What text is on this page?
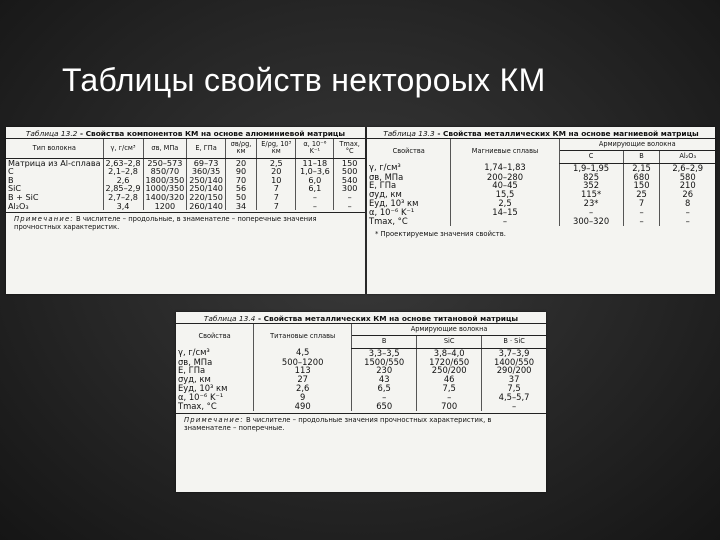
Таблицы свойств нектороых КМ
Таблица 13.2 - Свойства компонентов КМ на основе алюминиевой матрицы
Тип волокна	γ, г/см³	σв, МПа	E, ГПа	σв/ρg, км	E/ρg, 10³ км	α, 10⁻⁶ K⁻¹	Tmax, °C
Матрица из Al-сплава	2,63–2,8	250–573	69–73	20	2,5	11–18	150
C	2,1–2,8	850/70	360/35	90	20	1,0–3,6	500
B	2,6	1800/350	250/140	70	10	6,0	540
SiC	2,85–2,9	1000/350	250/140	56	7	6,1	300
B + SiC	2,7–2,8	1400/320	220/150	50	7	–	–
Al₂O₃	3,4	1200	260/140	34	7	–	–
Примечание: В числителе – продольные, в знаменателе – поперечные значения прочностных характеристик.
Таблица 13.3 - Свойства металлических КМ на основе магниевой матрицы
Свойства	Магниевые сплавы	Армирующие волокна		
		C	B	Al₂O₃
γ, г/см³	1,74–1,83	1,9–1,95	2,15	2,6–2,9
σв, МПа	200–280	825	680	580
E, ГПа	40–45	352	150	210
σуд, км	15,5	115*	25	26
Eуд, 10³ км	2,5	23*	7	8
α, 10⁻⁶ K⁻¹	14–15	–	–	–
Tmax, °C	–	300–320	–	–
* Проектируемые значения свойств.
Таблица 13.4 - Свойства металлических КМ на основе титановой матрицы
Свойства	Титановые сплавы	Армирующие волокна		
		B	SiC	B · SiC
γ, г/см³	4,5	3,3–3,5	3,8–4,0	3,7–3,9
σв, МПа	500–1200	1500/550	1720/650	1400/550
E, ГПа	113	230	250/200	290/200
σуд, км	27	43	46	37
Eуд, 10³ км	2,6	6,5	7,5	7,5
α, 10⁻⁶ K⁻¹	9	–	–	4,5–5,7
Tmax, °C	490	650	700	–
Примечание: В числителе – продольные значения прочностных характеристик, в знаменателе – поперечные.
